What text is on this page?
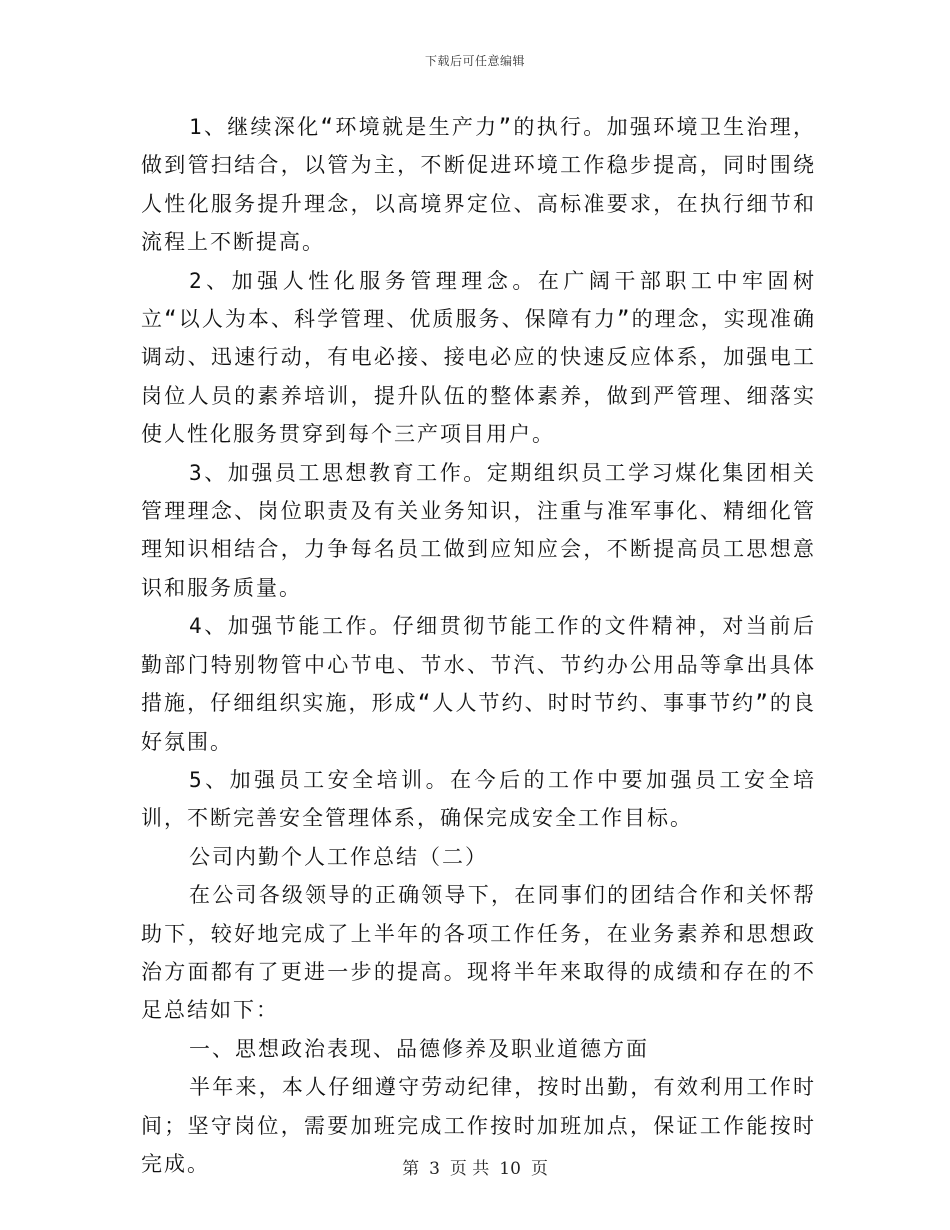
下载后可任意编辑

1、继续深化“环境就是生产力”的执行。加强环境卫生治理，做到管扫结合，以管为主，不断促进环境工作稳步提高，同时围绕人性化服务提升理念，以高境界定位、高标准要求，在执行细节和流程上不断提高。

2、加强人性化服务管理理念。在广阔干部职工中牢固树立“以人为本、科学管理、优质服务、保障有力”的理念，实现准确调动、迅速行动，有电必接、接电必应的快速反应体系，加强电工岗位人员的素养培训，提升队伍的整体素养，做到严管理、细落实使人性化服务贯穿到每个三产项目用户。

3、加强员工思想教育工作。定期组织员工学习煤化集团相关管理理念、岗位职责及有关业务知识，注重与准军事化、精细化管理知识相结合，力争每名员工做到应知应会，不断提高员工思想意识和服务质量。

4、加强节能工作。仔细贯彻节能工作的文件精神，对当前后勤部门特别物管中心节电、节水、节汽、节约办公用品等拿出具体措施，仔细组织实施，形成“人人节约、时时节约、事事节约”的良好氛围。

5、加强员工安全培训。在今后的工作中要加强员工安全培训，不断完善安全管理体系，确保完成安全工作目标。

公司内勤个人工作总结（二）

在公司各级领导的正确领导下，在同事们的团结合作和关怀帮助下，较好地完成了上半年的各项工作任务，在业务素养和思想政治方面都有了更进一步的提高。现将半年来取得的成绩和存在的不足总结如下：

一、思想政治表现、品德修养及职业道德方面

半年来，本人仔细遵守劳动纪律，按时出勤，有效利用工作时间；坚守岗位，需要加班完成工作按时加班加点，保证工作能按时完成。	第 3 页 共 10 页
